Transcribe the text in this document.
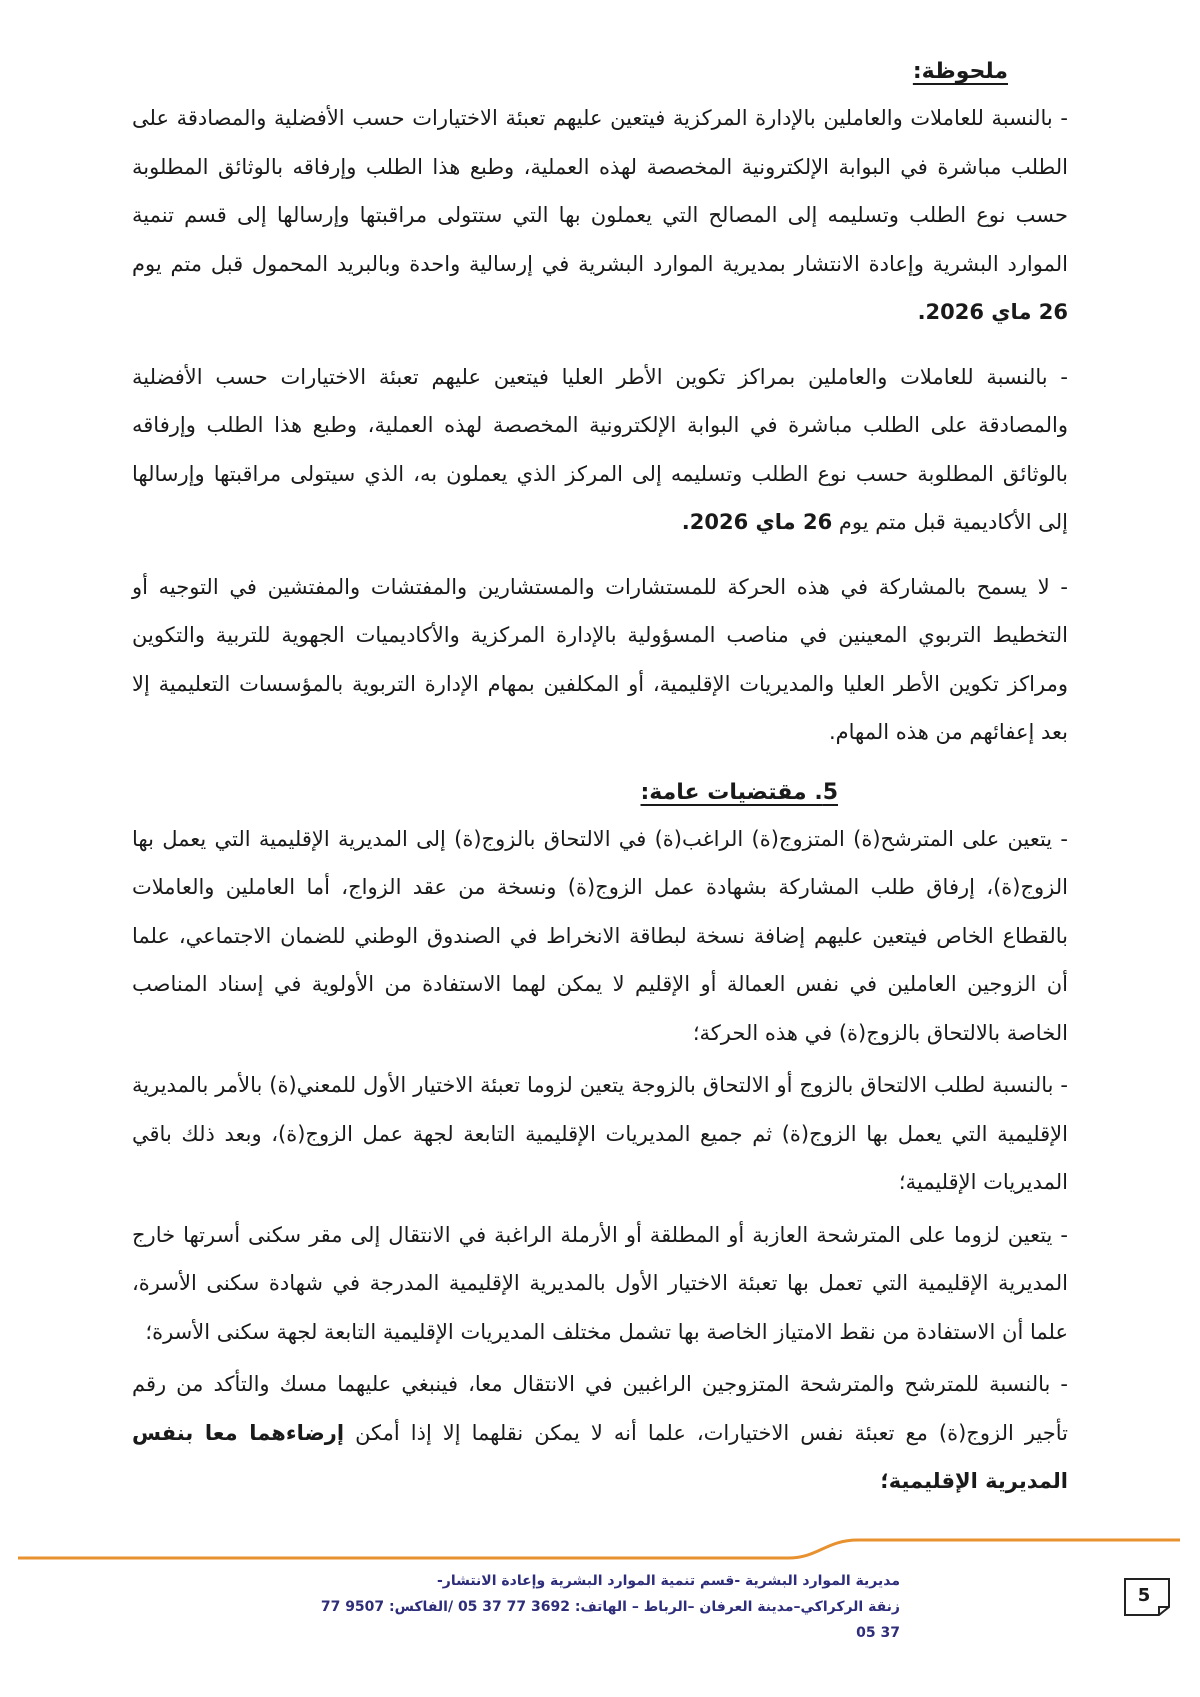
ملحوظة:

- بالنسبة للعاملات والعاملين بالإدارة المركزية فيتعين عليهم تعبئة الاختيارات حسب الأفضلية والمصادقة على الطلب مباشرة في البوابة الإلكترونية المخصصة لهذه العملية، وطبع هذا الطلب وإرفاقه بالوثائق المطلوبة حسب نوع الطلب وتسليمه إلى المصالح التي يعملون بها التي ستتولى مراقبتها وإرسالها إلى قسم تنمية الموارد البشرية وإعادة الانتشار بمديرية الموارد البشرية في إرسالية واحدة وبالبريد المحمول قبل متم يوم 26 ماي 2026.

- بالنسبة للعاملات والعاملين بمراكز تكوين الأطر العليا فيتعين عليهم تعبئة الاختيارات حسب الأفضلية والمصادقة على الطلب مباشرة في البوابة الإلكترونية المخصصة لهذه العملية، وطبع هذا الطلب وإرفاقه بالوثائق المطلوبة حسب نوع الطلب وتسليمه إلى المركز الذي يعملون به، الذي سيتولى مراقبتها وإرسالها إلى الأكاديمية قبل متم يوم 26 ماي 2026.

- لا يسمح بالمشاركة في هذه الحركة للمستشارات والمستشارين والمفتشات والمفتشين في التوجيه أو التخطيط التربوي المعينين في مناصب المسؤولية بالإدارة المركزية والأكاديميات الجهوية للتربية والتكوين ومراكز تكوين الأطر العليا والمديريات الإقليمية، أو المكلفين بمهام الإدارة التربوية بالمؤسسات التعليمية إلا بعد إعفائهم من هذه المهام.

5. مقتضيات عامة:

- يتعين على المترشح(ة) المتزوج(ة) الراغب(ة) في الالتحاق بالزوج(ة) إلى المديرية الإقليمية التي يعمل بها الزوج(ة)، إرفاق طلب المشاركة بشهادة عمل الزوج(ة) ونسخة من عقد الزواج، أما العاملين والعاملات بالقطاع الخاص فيتعين عليهم إضافة نسخة لبطاقة الانخراط في الصندوق الوطني للضمان الاجتماعي، علما أن الزوجين العاملين في نفس العمالة أو الإقليم لا يمكن لهما الاستفادة من الأولوية في إسناد المناصب الخاصة بالالتحاق بالزوج(ة) في هذه الحركة؛

- بالنسبة لطلب الالتحاق بالزوج أو الالتحاق بالزوجة يتعين لزوما تعبئة الاختيار الأول للمعني(ة) بالأمر بالمديرية الإقليمية التي يعمل بها الزوج(ة) ثم جميع المديريات الإقليمية التابعة لجهة عمل الزوج(ة)، وبعد ذلك باقي المديريات الإقليمية؛

- يتعين لزوما على المترشحة العازبة أو المطلقة أو الأرملة الراغبة في الانتقال إلى مقر سكنى أسرتها خارج المديرية الإقليمية التي تعمل بها تعبئة الاختيار الأول بالمديرية الإقليمية المدرجة في شهادة سكنى الأسرة، علما أن الاستفادة من نقط الامتياز الخاصة بها تشمل مختلف المديريات الإقليمية التابعة لجهة سكنى الأسرة؛

- بالنسبة للمترشح والمترشحة المتزوجين الراغبين في الانتقال معا، فينبغي عليهما مسك والتأكد من رقم تأجير الزوج(ة) مع تعبئة نفس الاختيارات، علما أنه لا يمكن نقلهما إلا إذا أمكن إرضاءهما معا بنفس المديرية الإقليمية؛

مديرية الموارد البشرية -قسم تنمية الموارد البشرية وإعادة الانتشار-
زنقة الركراكي–مدينة العرفان –الرباط – الهاتف: 3692 77 37 05 /الفاكس: 9507 77 37 05
5
